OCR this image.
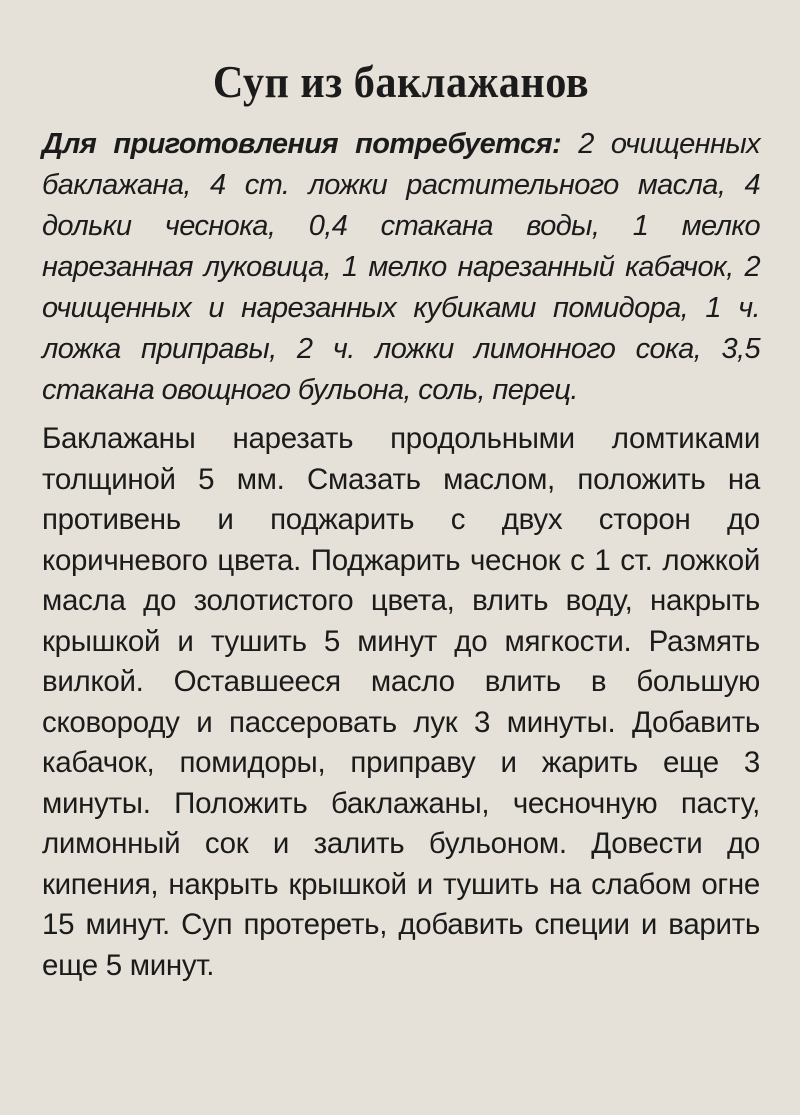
Суп из баклажанов

Для приготовления потребуется: 2 очищенных баклажана, 4 ст. ложки растительного масла, 4 дольки чеснока, 0,4 стакана воды, 1 мелко нарезанная луковица, 1 мелко нарезанный кабачок, 2 очищенных и нарезанных кубиками помидора, 1 ч. ложка приправы, 2 ч. ложки лимонного сока, 3,5 стакана овощного бульона, соль, перец.

Баклажаны нарезать продольными ломтиками толщиной 5 мм. Смазать маслом, положить на противень и поджарить с двух сторон до коричневого цвета. Поджарить чеснок с 1 ст. ложкой масла до золотистого цвета, влить воду, накрыть крышкой и тушить 5 минут до мягкости. Размять вилкой. Оставшееся масло влить в большую сковороду и пассеровать лук 3 минуты. Добавить кабачок, помидоры, приправу и жарить еще 3 минуты. Положить баклажаны, чесночную пасту, лимонный сок и залить бульоном. Довести до кипения, накрыть крышкой и тушить на слабом огне 15 минут. Суп протереть, добавить специи и варить еще 5 минут.
